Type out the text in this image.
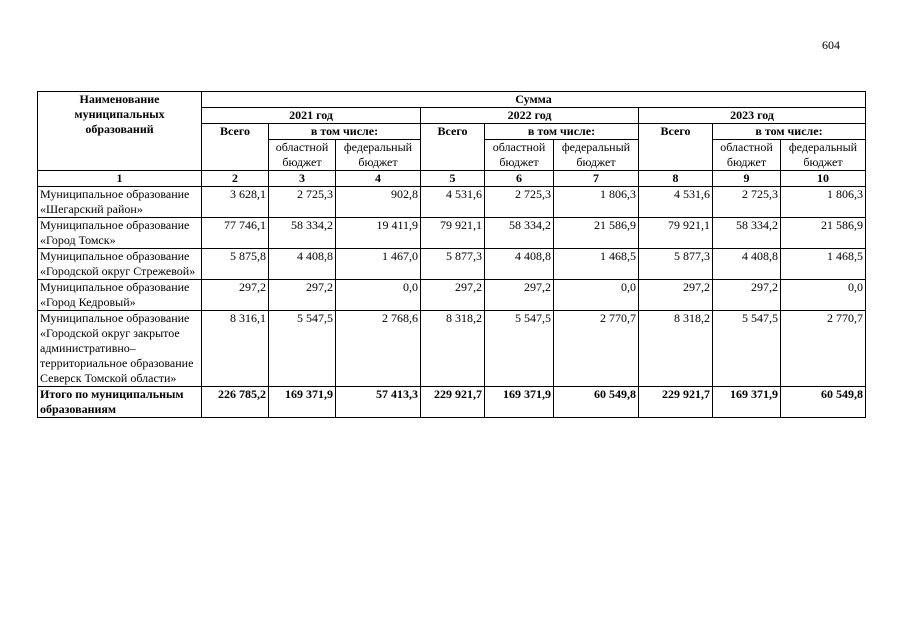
604
Наименование муниципальных образований	Сумма								
	2021 год			2022 год			2023 год		
	Всего	в том числе:		Всего	в том числе:		Всего	в том числе:	
		областной бюджет	федеральный бюджет		областной бюджет	федеральный бюджет		областной бюджет	федеральный бюджет
1	2	3	4	5	6	7	8	9	10
Муниципальное образование «Шегарский район»	3 628,1	2 725,3	902,8	4 531,6	2 725,3	1 806,3	4 531,6	2 725,3	1 806,3
Муниципальное образование «Город Томск»	77 746,1	58 334,2	19 411,9	79 921,1	58 334,2	21 586,9	79 921,1	58 334,2	21 586,9
Муниципальное образование «Городской округ Стрежевой»	5 875,8	4 408,8	1 467,0	5 877,3	4 408,8	1 468,5	5 877,3	4 408,8	1 468,5
Муниципальное образование «Город Кедровый»	297,2	297,2	0,0	297,2	297,2	0,0	297,2	297,2	0,0
Муниципальное образование «Городской округ закрытое административно–территориальное образование Северск Томской области»	8 316,1	5 547,5	2 768,6	8 318,2	5 547,5	2 770,7	8 318,2	5 547,5	2 770,7
Итого по муниципальным образованиям	226 785,2	169 371,9	57 413,3	229 921,7	169 371,9	60 549,8	229 921,7	169 371,9	60 549,8
